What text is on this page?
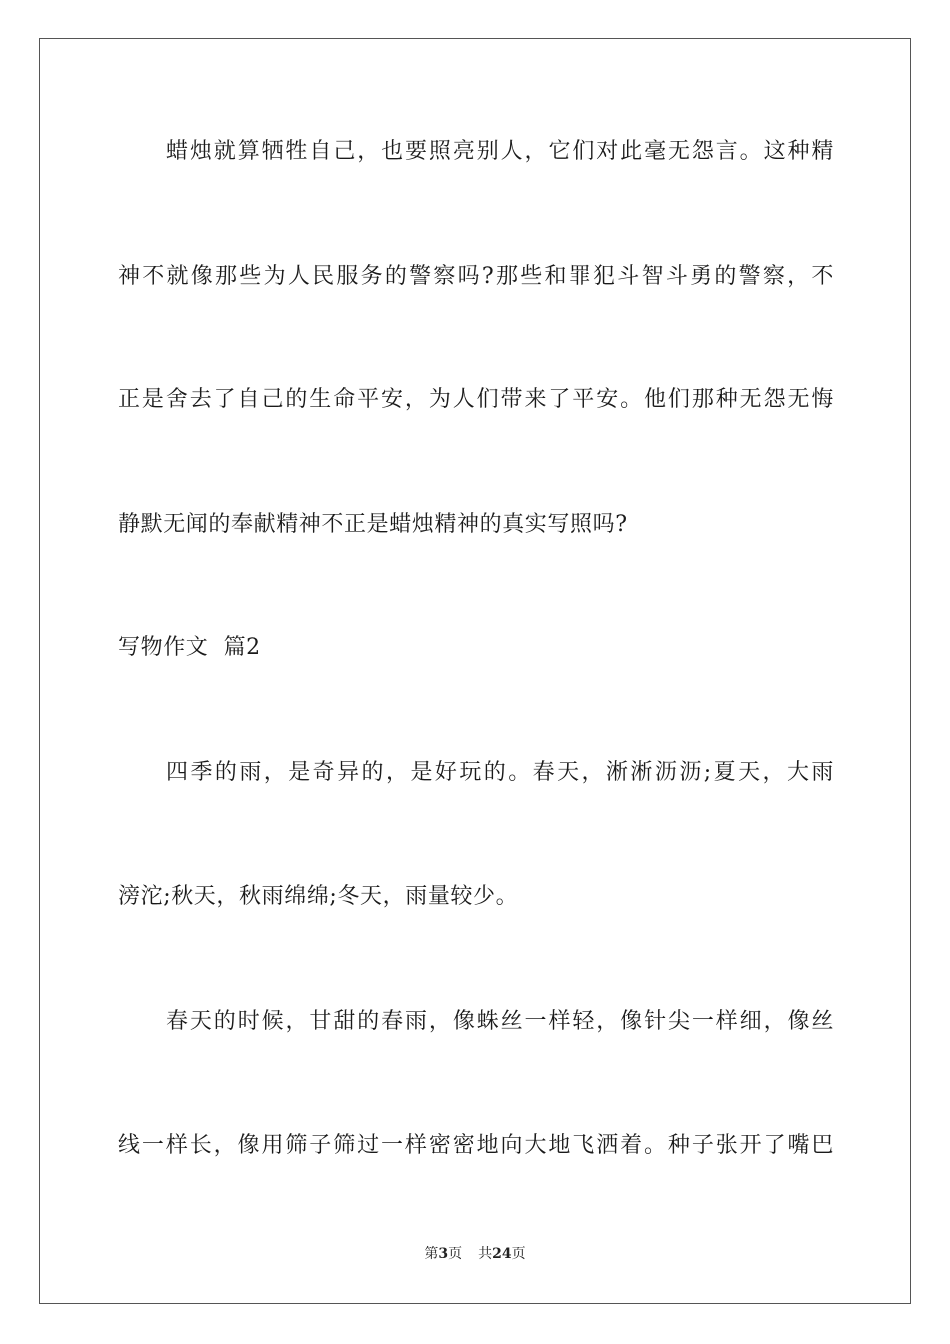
蜡烛就算牺牲自己，也要照亮别人，它们对此毫无怨言。这种精
神不就像那些为人民服务的警察吗?那些和罪犯斗智斗勇的警察，不
正是舍去了自己的生命平安，为人们带来了平安。他们那种无怨无悔
静默无闻的奉献精神不正是蜡烛精神的真实写照吗?
写物作文  篇2
四季的雨，是奇异的，是好玩的。春天，淅淅沥沥;夏天，大雨
滂沱;秋天，秋雨绵绵;冬天，雨量较少。
春天的时候，甘甜的春雨，像蛛丝一样轻，像针尖一样细，像丝
线一样长，像用筛子筛过一样密密地向大地飞洒着。种子张开了嘴巴
第3页 共24页
